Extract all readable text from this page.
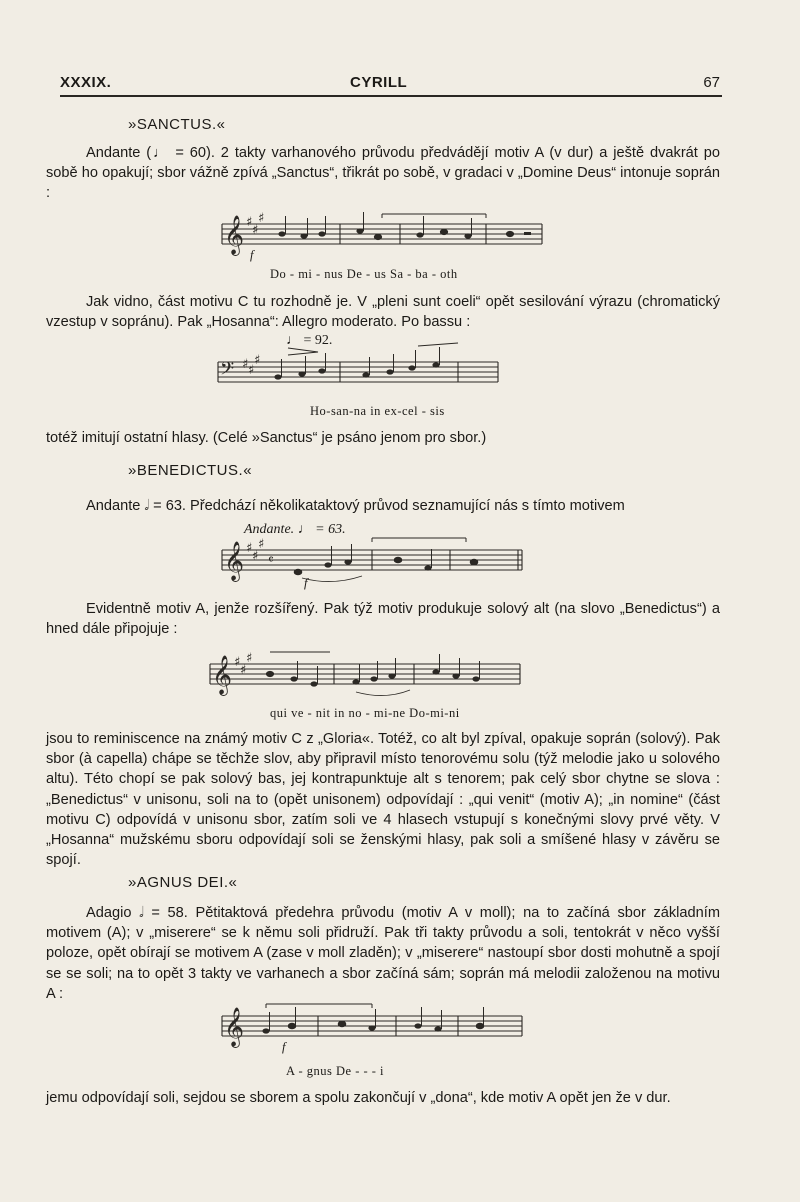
XXXIX.	CYRILL	67
»SANCTUS.«

Andante (♩ = 60). 2 takty varhanového průvodu předvádějí motiv A (v dur) a ještě dvakrát po sobě ho opakují; sbor vážně zpívá „Sanctus“, třikrát po sobě, v gradaci v „Domine Deus“ intonuje soprán :

𝄞 ♯
♯
♯
f
Do - mi - nus De - us Sa - ba - oth

Jak vidno, část motivu C tu rozhodně je. V „pleni sunt coeli“ opět sesilování výrazu (chromatický vzestup v sopránu). Pak „Hosanna“: Allegro moderato. Po bassu :

♩ = 92.
𝄢 ♯ ♯
♯
Ho-san-na in ex-cel - sis

totéž imitují ostatní hlasy. (Celé »Sanctus“ je psáno jenom pro sbor.)

»BENEDICTUS.«

Andante 𝅗𝅥 = 63. Předchází několikataktový průvod seznamující nás s tímto motivem

Andante. ♩ = 63.
𝄞 ♯
♯
♯
𝄴
f

Evidentně motiv A, jenže rozšířený. Pak týž motiv produkuje solový alt (na slovo „Benedictus“) a hned dále připojuje :

𝄞 ♯
♯
♯
qui ve - nit in no - mi-ne Do-mi-ni

jsou to reminiscence na známý motiv C z „Gloria«. Totéž, co alt byl zpíval, opakuje soprán (solový). Pak sbor (à capella) chápe se těchže slov, aby připravil místo tenorovému solu (týž melodie jako u solového altu). Této chopí se pak solový bas, jej kontrapunktuje alt s tenorem; pak celý sbor chytne se slova : „Benedictus“ v unisonu, soli na to (opět unisonem) odpovídají : „qui venit“ (motiv A); „in nomine“ (část motivu C) odpovídá v unisonu sbor, zatím soli ve 4 hlasech vstupují s konečnými slovy prvé věty. V „Hosanna“ mužskému sboru odpovídají soli se ženskými hlasy, pak soli a smíšené hlasy v závěru se spojí.

»AGNUS DEI.«

Adagio 𝅗𝅥 = 58. Pětitaktová předehra průvodu (motiv A v moll); na to začíná sbor základním motivem (A); v „miserere“ se k němu soli přidruží. Pak tři takty průvodu a soli, tentokrát v něco vyšší poloze, opět obírají se motivem A (zase v moll zladěn); v „miserere“ nastoupí sbor dosti mohutně a spojí se se soli; na to opět 3 takty ve varhanech a sbor začíná sám; soprán má melodii založenou na motivu A :

𝄞	f
A - gnus De - - - i

jemu odpovídají soli, sejdou se sborem a spolu zakončují v „dona“, kde motiv A opět jen že v dur.
